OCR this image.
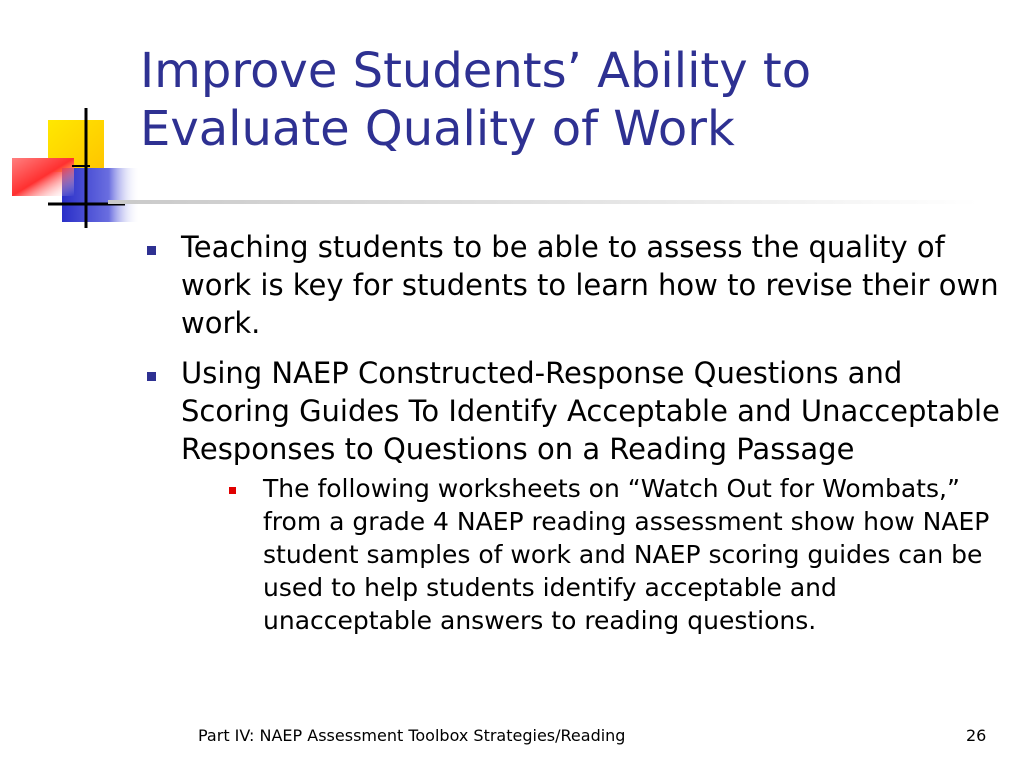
Improve Students’ Ability to
Evaluate Quality of Work
Teaching students to be able to assess the quality of work is key for students to learn how to revise their own work.
Using NAEP Constructed-Response Questions and Scoring Guides To Identify Acceptable and Unacceptable Responses to Questions on a Reading Passage
The following worksheets on “Watch Out for Wombats,” from a grade 4 NAEP reading assessment show how NAEP student samples of work and NAEP scoring guides can be used to help students identify acceptable and unacceptable answers to reading questions.
Part IV: NAEP Assessment Toolbox Strategies/Reading	26
